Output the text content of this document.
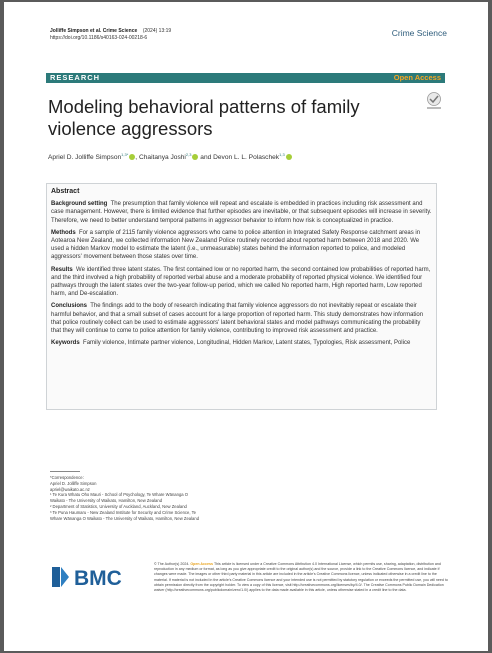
Jolliffe Simpson et al. Crime Science (2024) 13:19
https://doi.org/10.1186/s40163-024-00218-6	Crime Science
RESEARCH	Open Access
Modeling behavioral patterns of family violence aggressors
Apriel D. Jolliffe Simpson$^{1,3*}$ , Chaitanya Joshi$^{2,3}$ and Devon L. L. Polaschek$^{1,3}$
Abstract

Background setting The presumption that family violence will repeat and escalate is embedded in practices including risk assessment and case management. However, there is limited evidence that further episodes are inevitable, or that subsequent episodes will increase in severity. Therefore, we need to better understand temporal patterns in aggressor behavior to inform how risk is conceptualized in practice.

Methods For a sample of 2115 family violence aggressors who came to police attention in Integrated Safety Response catchment areas in Aotearoa New Zealand, we collected information New Zealand Police routinely recorded about reported harm between 2018 and 2020. We used a hidden Markov model to estimate the latent (i.e., unmeasurable) states behind the information reported to police, and modeled aggressors' movement between those states over time.

Results We identified three latent states. The first contained low or no reported harm, the second contained low probabilities of reported harm, and the third involved a high probability of reported verbal abuse and a moderate probability of reported physical violence. We identified four pathways through the latent states over the two-year follow-up period, which we called No reported harm, High reported harm, Low reported harm, and De-escalation.

Conclusions The findings add to the body of research indicating that family violence aggressors do not inevitably repeat or escalate their harmful behavior, and that a small subset of cases account for a large proportion of reported harm. This study demonstrates how information that police routinely collect can be used to estimate aggressors' latent behavioral states and model pathways communicating the probability that they will continue to come to police attention for family violence, contributing to improved risk assessment and practice.

Keywords Family violence, Intimate partner violence, Longitudinal, Hidden Markov, Latent states, Typologies, Risk assessment, Police

*Correspondence:
Apriel D. Jolliffe Simpson
apriel@waikato.ac.nz
¹ Te Kura Whatu Oho Mauri - School of Psychology, Te Whare Wānanga O Waikato - The University of Waikato, Hamilton, New Zealand
² Department of Statistics, University of Auckland, Auckland, New Zealand
³ Te Puna Haumaru - New Zealand Institute for Security and Crime Science, Te Whare Wānanga O Waikato - The University of Waikato, Hamilton, New Zealand
BMC
© The Author(s) 2024. Open Access This article is licensed under a Creative Commons Attribution 4.0 International License, which permits use, sharing, adaptation, distribution and reproduction in any medium or format, as long as you give appropriate credit to the original author(s) and the source, provide a link to the Creative Commons licence, and indicate if changes were made. The images or other third party material in this article are included in the article's Creative Commons licence, unless indicated otherwise in a credit line to the material. If material is not included in the article's Creative Commons licence and your intended use is not permitted by statutory regulation or exceeds the permitted use, you will need to obtain permission directly from the copyright holder. To view a copy of this licence, visit http://creativecommons.org/licenses/by/4.0/. The Creative Commons Public Domain Dedication waiver (http://creativecommons.org/publicdomain/zero/1.0/) applies to the data made available in this article, unless otherwise stated in a credit line to the data.
